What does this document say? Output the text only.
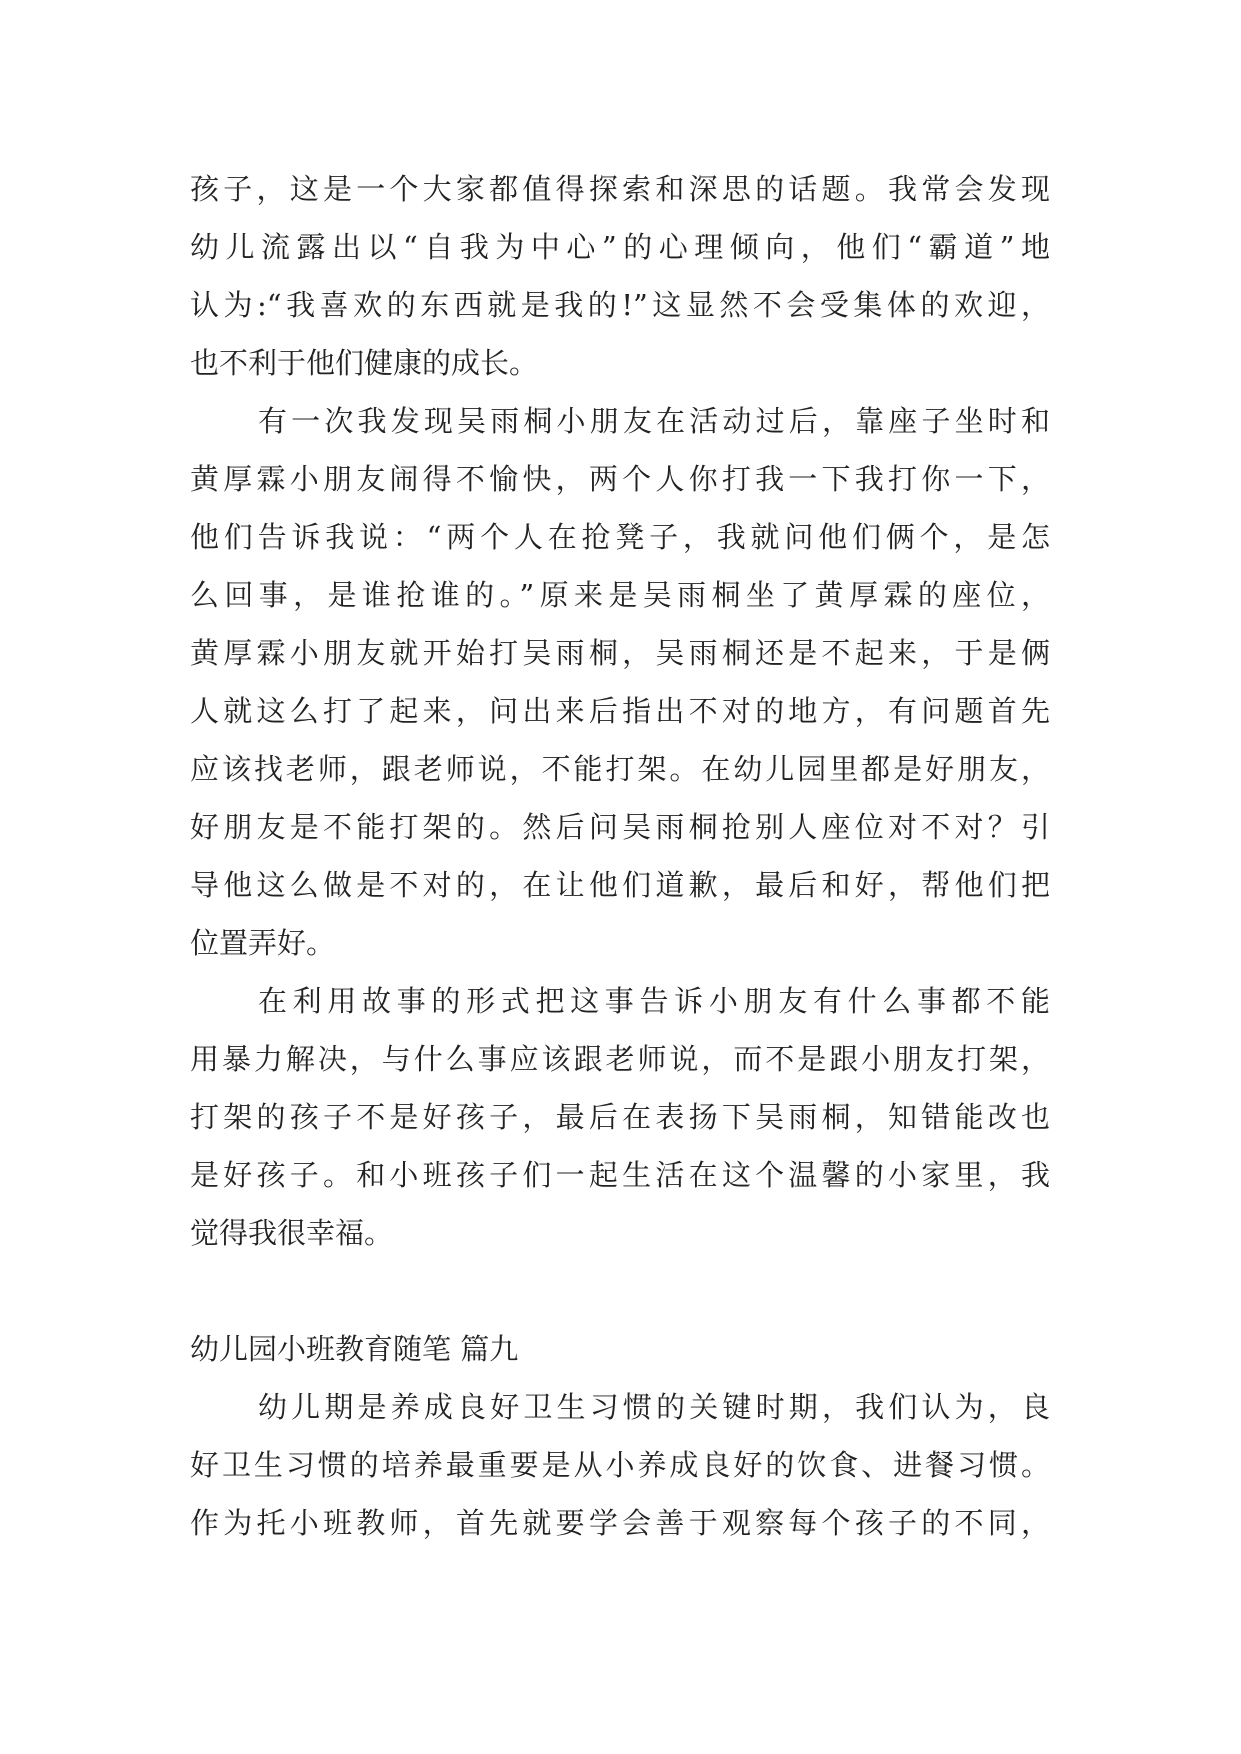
孩子，这是一个大家都值得探索和深思的话题。我常会发现
幼儿流露出以“自我为中心”的心理倾向，他们“霸道”地
认为:“我喜欢的东西就是我的!”这显然不会受集体的欢迎，
也不利于他们健康的成长。
有一次我发现吴雨桐小朋友在活动过后，靠座子坐时和
黄厚霖小朋友闹得不愉快，两个人你打我一下我打你一下，
他们告诉我说：“两个人在抢凳子，我就问他们俩个，是怎
么回事，是谁抢谁的。”原来是吴雨桐坐了黄厚霖的座位，
黄厚霖小朋友就开始打吴雨桐，吴雨桐还是不起来，于是俩
人就这么打了起来，问出来后指出不对的地方，有问题首先
应该找老师，跟老师说，不能打架。在幼儿园里都是好朋友，
好朋友是不能打架的。然后问吴雨桐抢别人座位对不对？引
导他这么做是不对的，在让他们道歉，最后和好，帮他们把
位置弄好。
在利用故事的形式把这事告诉小朋友有什么事都不能
用暴力解决，与什么事应该跟老师说，而不是跟小朋友打架，
打架的孩子不是好孩子，最后在表扬下吴雨桐，知错能改也
是好孩子。和小班孩子们一起生活在这个温馨的小家里，我
觉得我很幸福。
幼儿园小班教育随笔 篇九
幼儿期是养成良好卫生习惯的关键时期，我们认为，良
好卫生习惯的培养最重要是从小养成良好的饮食、进餐习惯。
作为托小班教师，首先就要学会善于观察每个孩子的不同，
